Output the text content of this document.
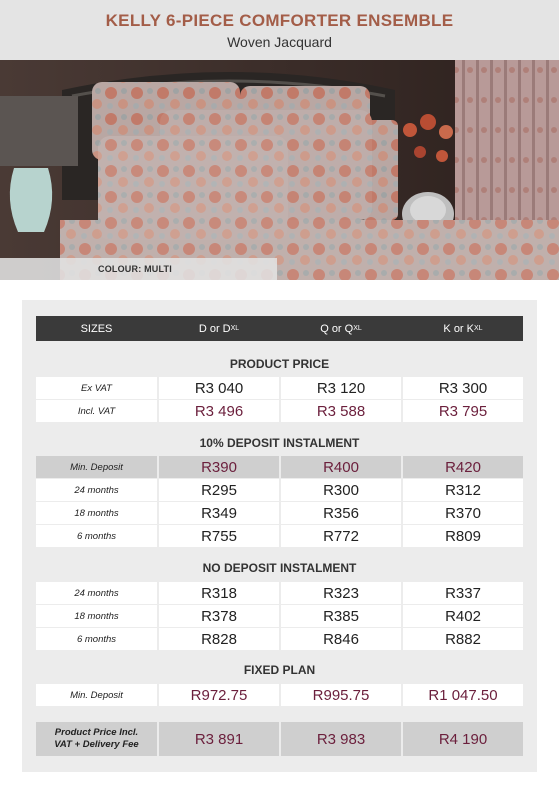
KELLY 6-PIECE COMFORTER ENSEMBLE
Woven Jacquard
COLOUR: MULTI
SIZES	D or D XL	Q or Q XL	K or K XL
PRODUCT PRICE
Ex VAT	R3 040	R3 120	R3 300
Incl. VAT	R3 496	R3 588	R3 795
10% DEPOSIT INSTALMENT
Min. Deposit	R390	R400	R420
24 months	R295	R300	R312
18 months	R349	R356	R370
6 months	R755	R772	R809
NO DEPOSIT INSTALMENT
24 months	R318	R323	R337
18 months	R378	R385	R402
6 months	R828	R846	R882
FIXED PLAN
Min. Deposit	R972.75	R995.75	R1 047.50
Product Price Incl.
VAT + Delivery Fee	R3 891	R3 983	R4 190
